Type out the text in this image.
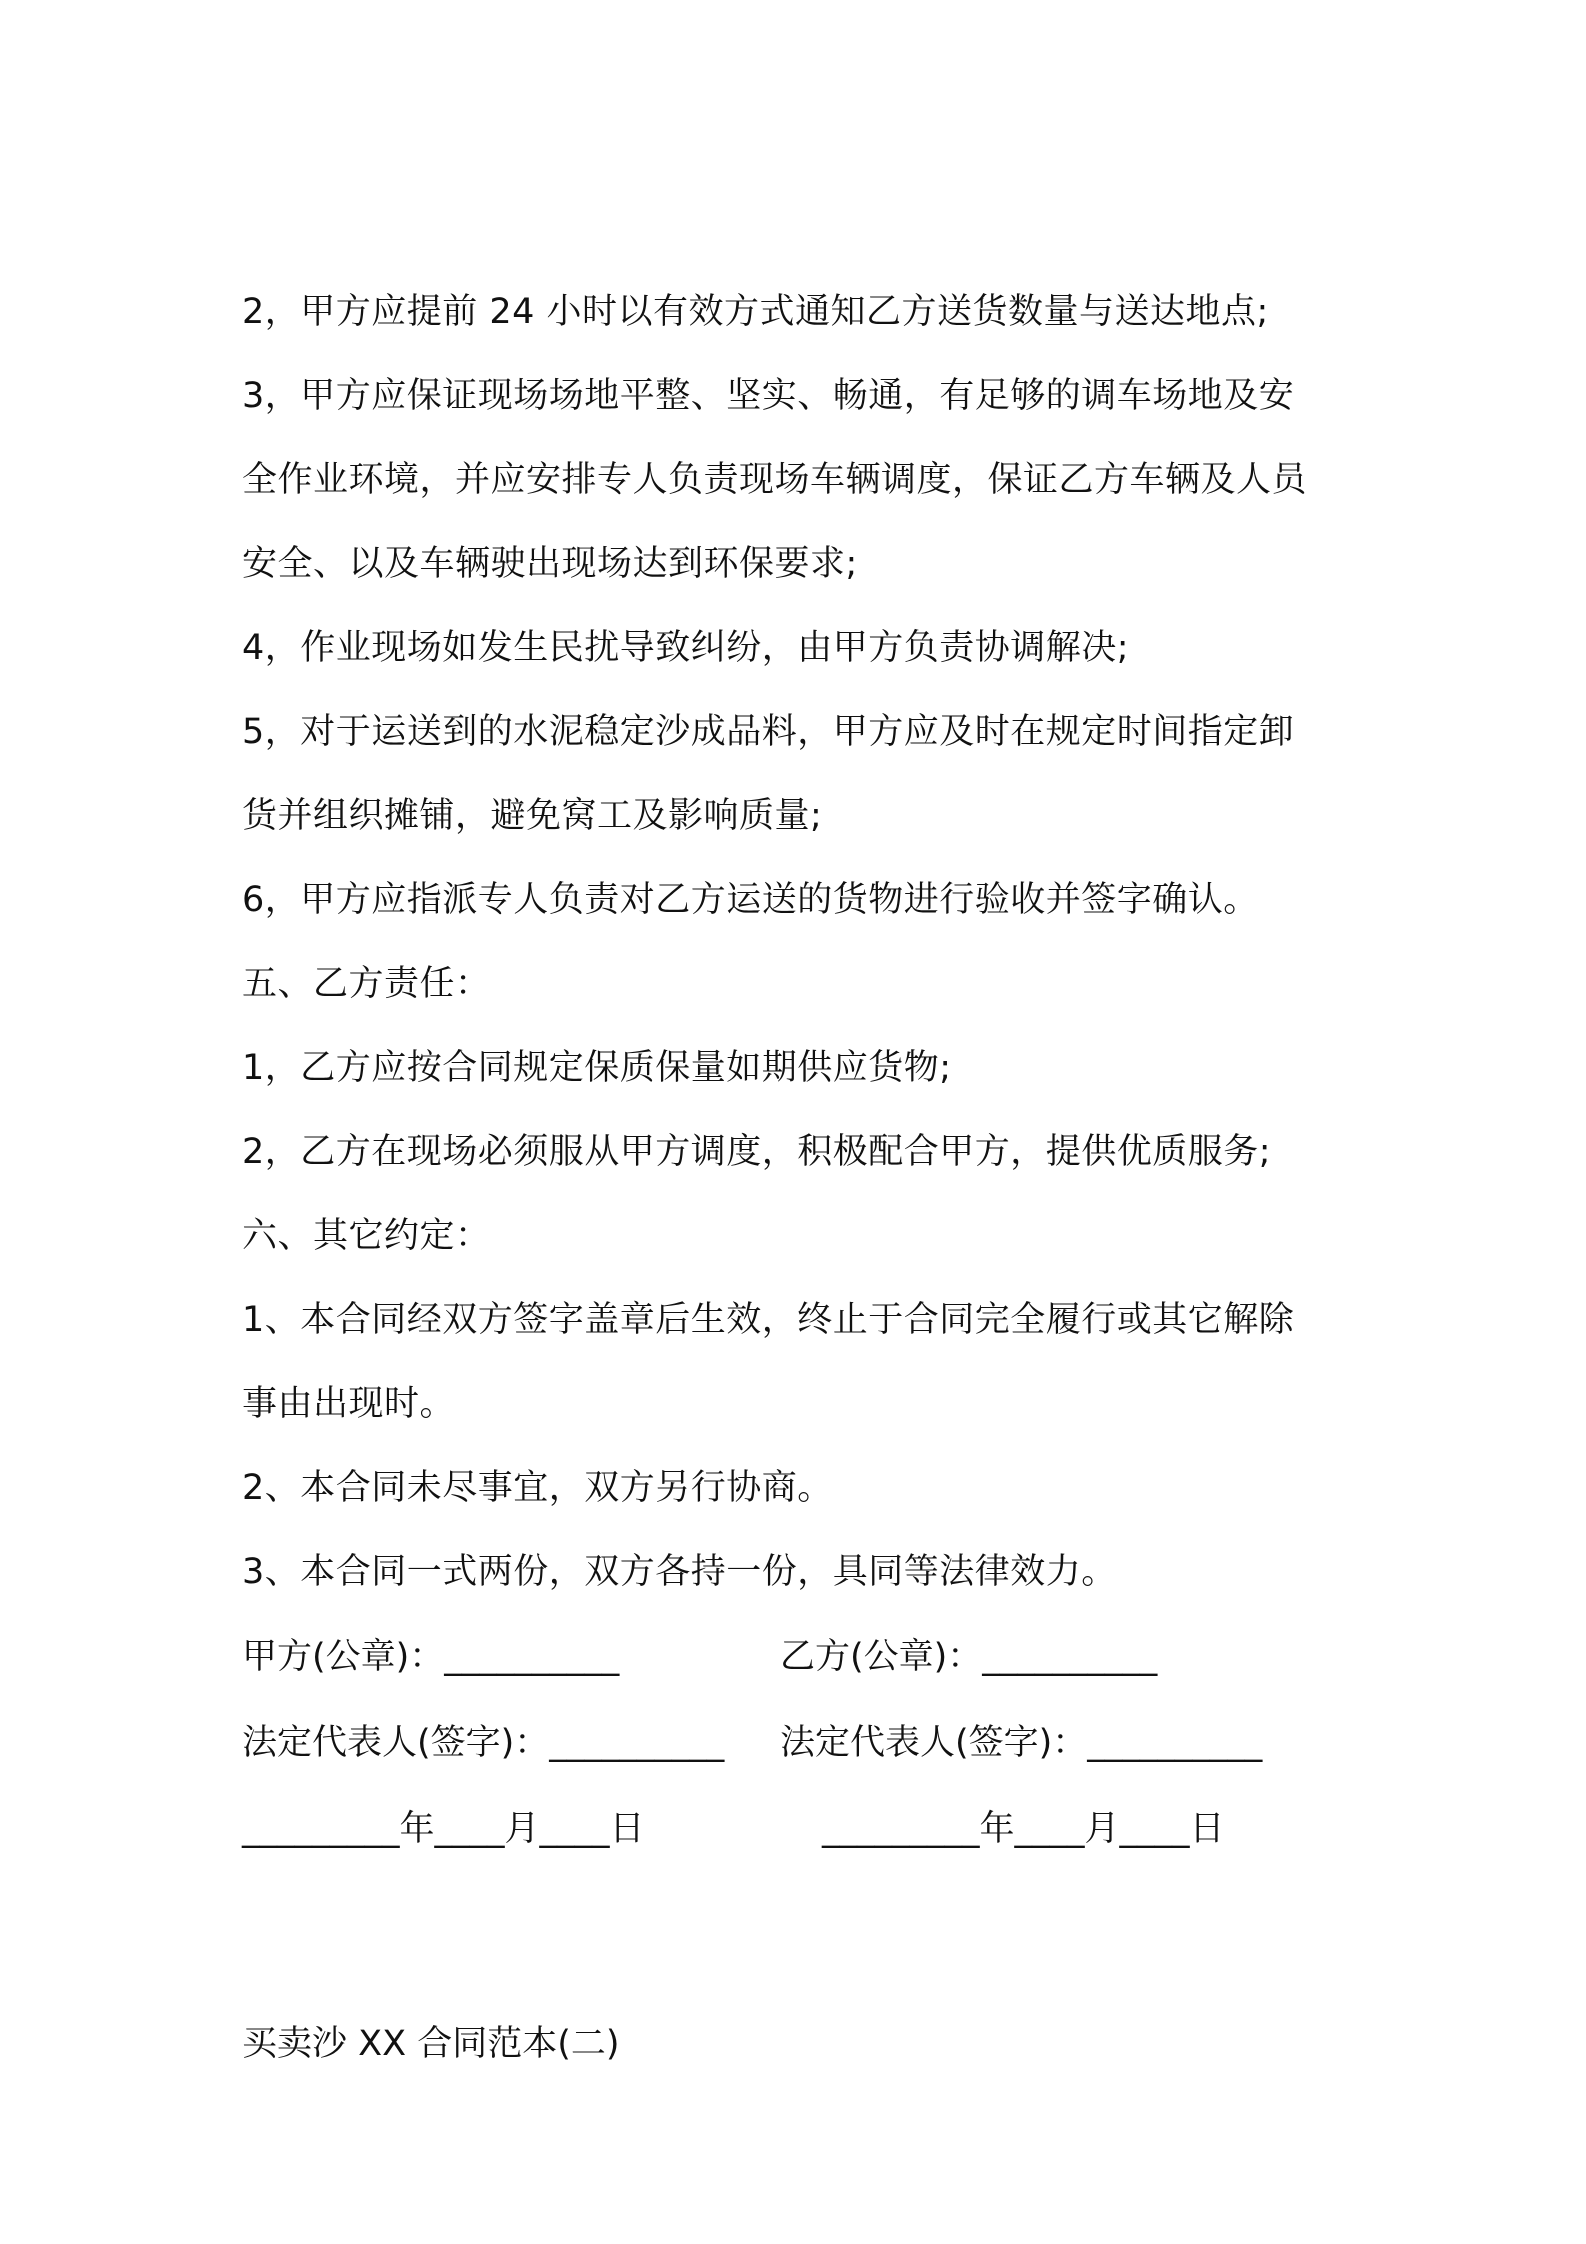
2，甲方应提前 24 小时以有效方式通知乙方送货数量与送达地点;
3，甲方应保证现场场地平整、坚实、畅通，有足够的调车场地及安
全作业环境，并应安排专人负责现场车辆调度，保证乙方车辆及人员
安全、以及车辆驶出现场达到环保要求;
4，作业现场如发生民扰导致纠纷，由甲方负责协调解决;
5，对于运送到的水泥稳定沙成品料，甲方应及时在规定时间指定卸
货并组织摊铺，避免窝工及影响质量;
6，甲方应指派专人负责对乙方运送的货物进行验收并签字确认。
五、乙方责任：
1，乙方应按合同规定保质保量如期供应货物;
2，乙方在现场必须服从甲方调度，积极配合甲方，提供优质服务;
六、其它约定：
1、本合同经双方签字盖章后生效，终止于合同完全履行或其它解除
事由出现时。
2、本合同未尽事宜，双方另行协商。
3、本合同一式两份，双方各持一份，具同等法律效力。
甲方(公章)：__________	乙方(公章)：__________
法定代表人(签字)：__________ 法定代表人(签字)：__________
_________年____月____日	_________年____月____日
买卖沙 XX 合同范本(二)
